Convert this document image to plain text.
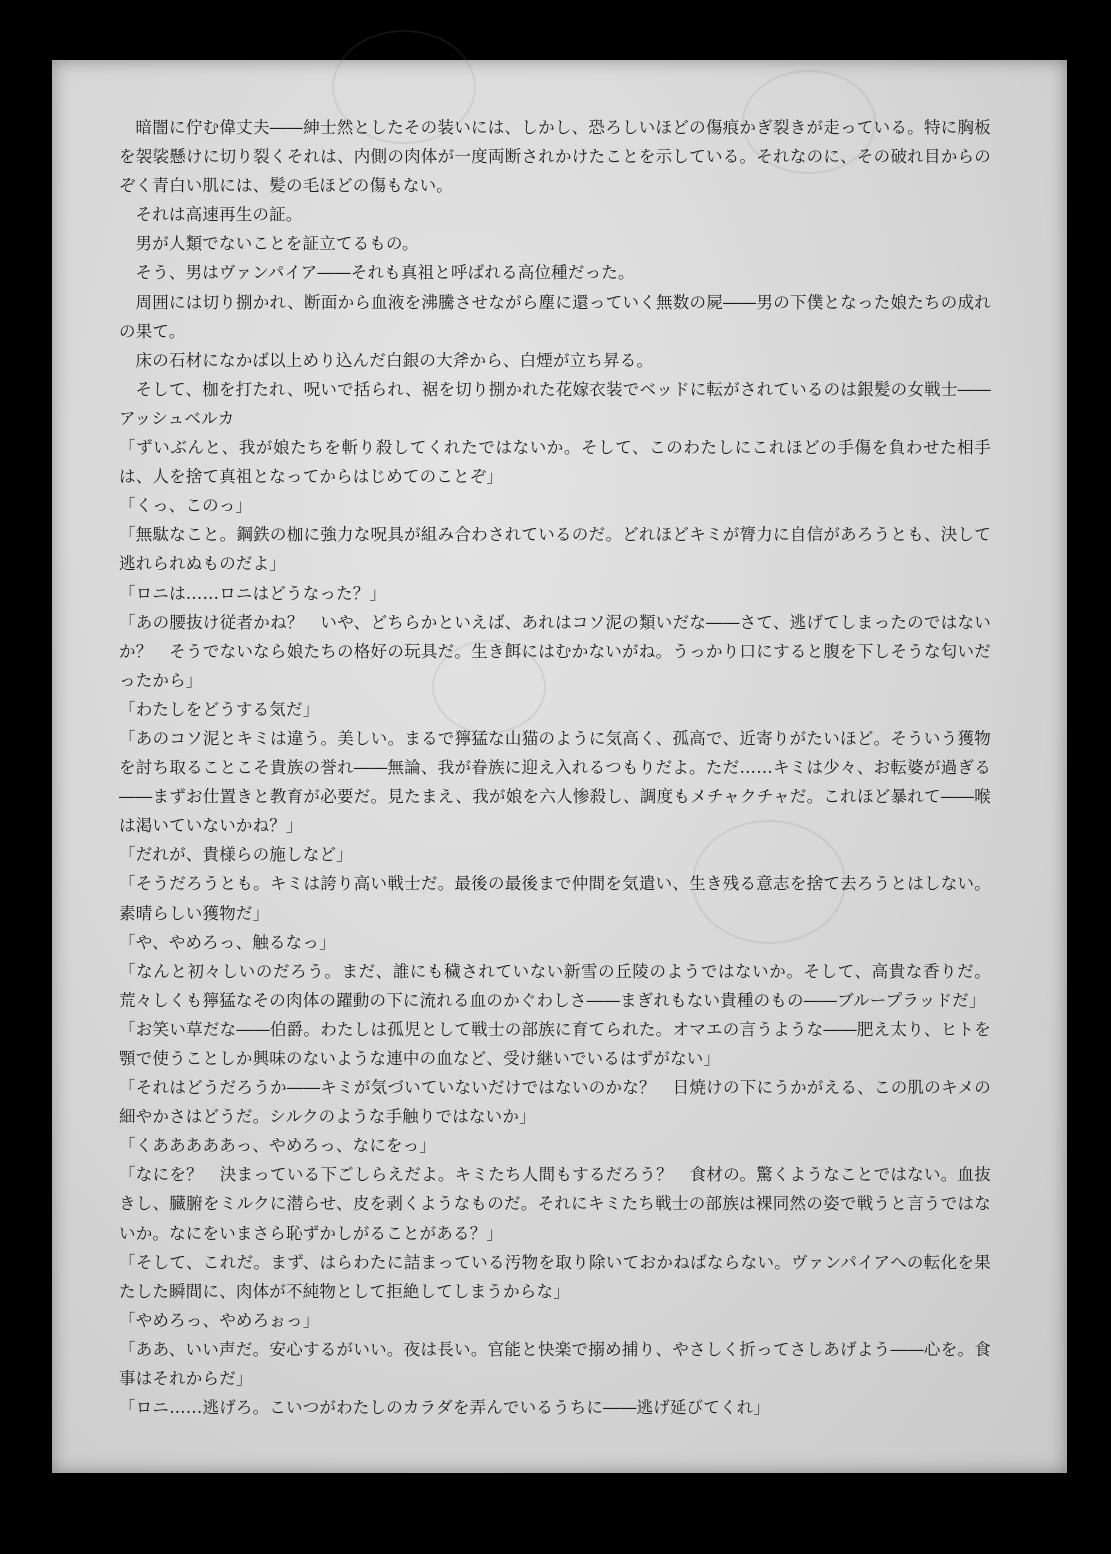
暗闇に佇む偉丈夫――紳士然としたその装いには、しかし、恐ろしいほどの傷痕かぎ裂きが走っている。特に胸板を袈裟懸けに切り裂くそれは、内側の肉体が一度両断されかけたことを示している。それなのに、その破れ目からのぞく青白い肌には、髪の毛ほどの傷もない。

それは高速再生の証。

男が人類でないことを証立てるもの。

そう、男はヴァンパイア――それも真祖と呼ばれる高位種だった。

周囲には切り捌かれ、断面から血液を沸騰させながら塵に還っていく無数の屍――男の下僕となった娘たちの成れの果て。

床の石材になかば以上めり込んだ白銀の大斧から、白煙が立ち昇る。

そして、枷を打たれ、呪いで括られ、裾を切り捌かれた花嫁衣装でベッドに転がされているのは銀髪の女戦士――アッシュベルカ

「ずいぶんと、我が娘たちを斬り殺してくれたではないか。そして、このわたしにこれほどの手傷を負わせた相手は、人を捨て真祖となってからはじめてのことぞ」

「くっ、このっ」

「無駄なこと。鋼鉄の枷に強力な呪具が組み合わされているのだ。どれほどキミが膂力に自信があろうとも、決して逃れられぬものだよ」

「ロニは……ロニはどうなった？」

「あの腰抜け従者かね？　いや、どちらかといえば、あれはコソ泥の類いだな――さて、逃げてしまったのではないか？　そうでないなら娘たちの格好の玩具だ。生き餌にはむかないがね。うっかり口にすると腹を下しそうな匂いだったから」

「わたしをどうする気だ」

「あのコソ泥とキミは違う。美しい。まるで獰猛な山猫のように気高く、孤高で、近寄りがたいほど。そういう獲物を討ち取ることこそ貴族の誉れ――無論、我が眷族に迎え入れるつもりだよ。ただ……キミは少々、お転婆が過ぎる――まずお仕置きと教育が必要だ。見たまえ、我が娘を六人惨殺し、調度もメチャクチャだ。これほど暴れて――喉は渇いていないかね？」

「だれが、貴様らの施しなど」

「そうだろうとも。キミは誇り高い戦士だ。最後の最後まで仲間を気遣い、生き残る意志を捨て去ろうとはしない。素晴らしい獲物だ」

「や、やめろっ、触るなっ」

「なんと初々しいのだろう。まだ、誰にも穢されていない新雪の丘陵のようではないか。そして、高貴な香りだ。荒々しくも獰猛なその肉体の躍動の下に流れる血のかぐわしさ――まぎれもない貴種のもの――ブループラッドだ」

「お笑い草だな――伯爵。わたしは孤児として戦士の部族に育てられた。オマエの言うような――肥え太り、ヒトを顎で使うことしか興味のないような連中の血など、受け継いでいるはずがない」

「それはどうだろうか――キミが気づいていないだけではないのかな？　日焼けの下にうかがえる、この肌のキメの細やかさはどうだ。シルクのような手触りではないか」

「くあああああっ、やめろっ、なにをっ」

「なにを？　決まっている下ごしらえだよ。キミたち人間もするだろう？　食材の。驚くようなことではない。血抜きし、臓腑をミルクに潜らせ、皮を剥くようなものだ。それにキミたち戦士の部族は裸同然の姿で戦うと言うではないか。なにをいまさら恥ずかしがることがある？」

「そして、これだ。まず、はらわたに詰まっている汚物を取り除いておかねばならない。ヴァンパイアへの転化を果たした瞬間に、肉体が不純物として拒絶してしまうからな」

「やめろっ、やめろぉっ」

「ああ、いい声だ。安心するがいい。夜は長い。官能と快楽で搦め捕り、やさしく折ってさしあげよう――心を。食事はそれからだ」

「ロニ……逃げろ。こいつがわたしのカラダを弄んでいるうちに――逃げ延びてくれ」
